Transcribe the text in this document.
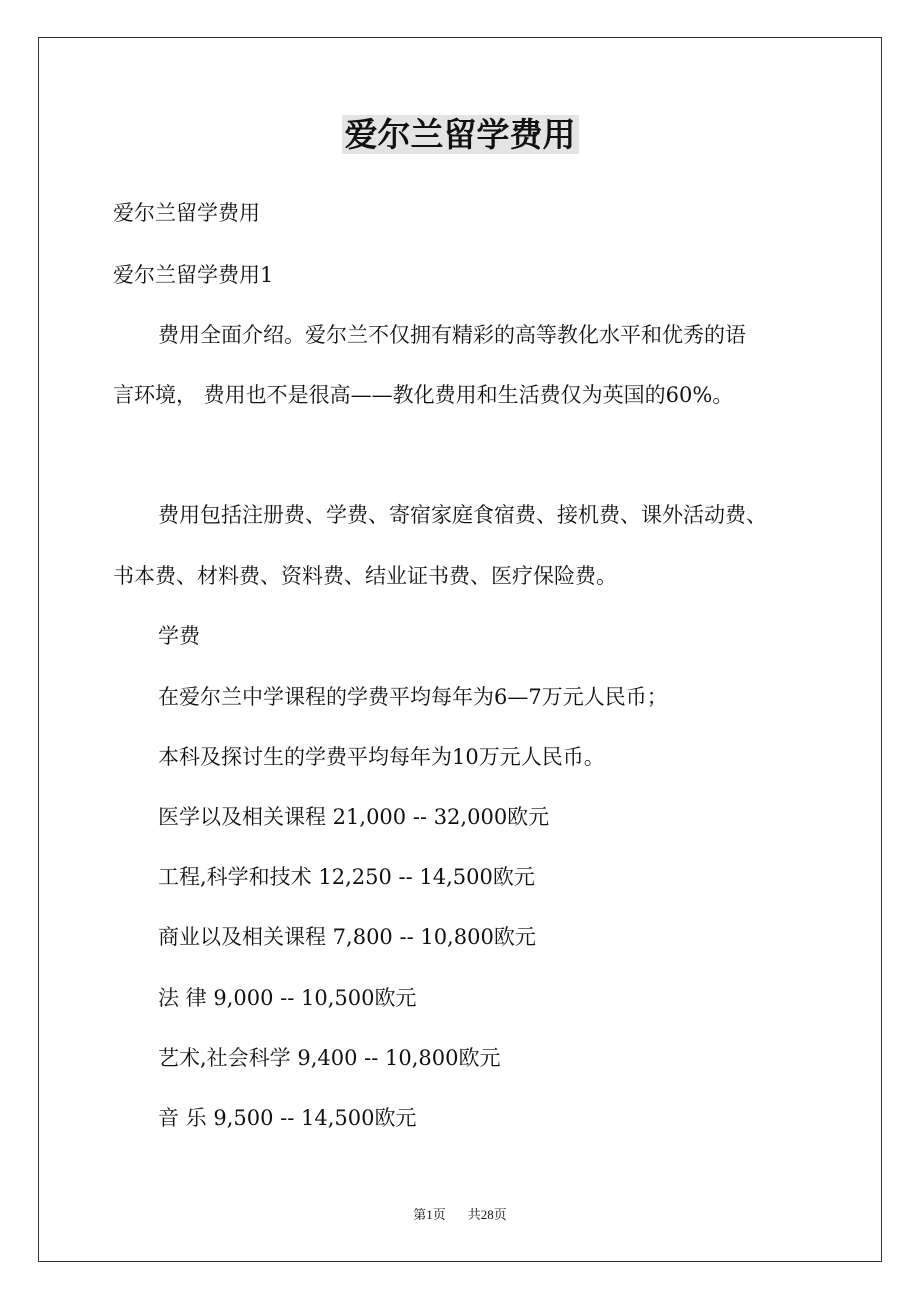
爱尔兰留学费用

爱尔兰留学费用

爱尔兰留学费用1

费用全面介绍。爱尔兰不仅拥有精彩的高等教化水平和优秀的语

言环境， 费用也不是很高——教化费用和生活费仅为英国的60%。

费用包括注册费、学费、寄宿家庭食宿费、接机费、课外活动费、

书本费、材料费、资料费、结业证书费、医疗保险费。

学费

在爱尔兰中学课程的学费平均每年为6—7万元人民币；

本科及探讨生的学费平均每年为10万元人民币。

医学以及相关课程 21,000 -- 32,000欧元

工程,科学和技术 12,250 -- 14,500欧元

商业以及相关课程 7,800 -- 10,800欧元

法 律 9,000 -- 10,500欧元

艺术,社会科学 9,400 -- 10,800欧元

音 乐 9,500 -- 14,500欧元

第1页 共28页
